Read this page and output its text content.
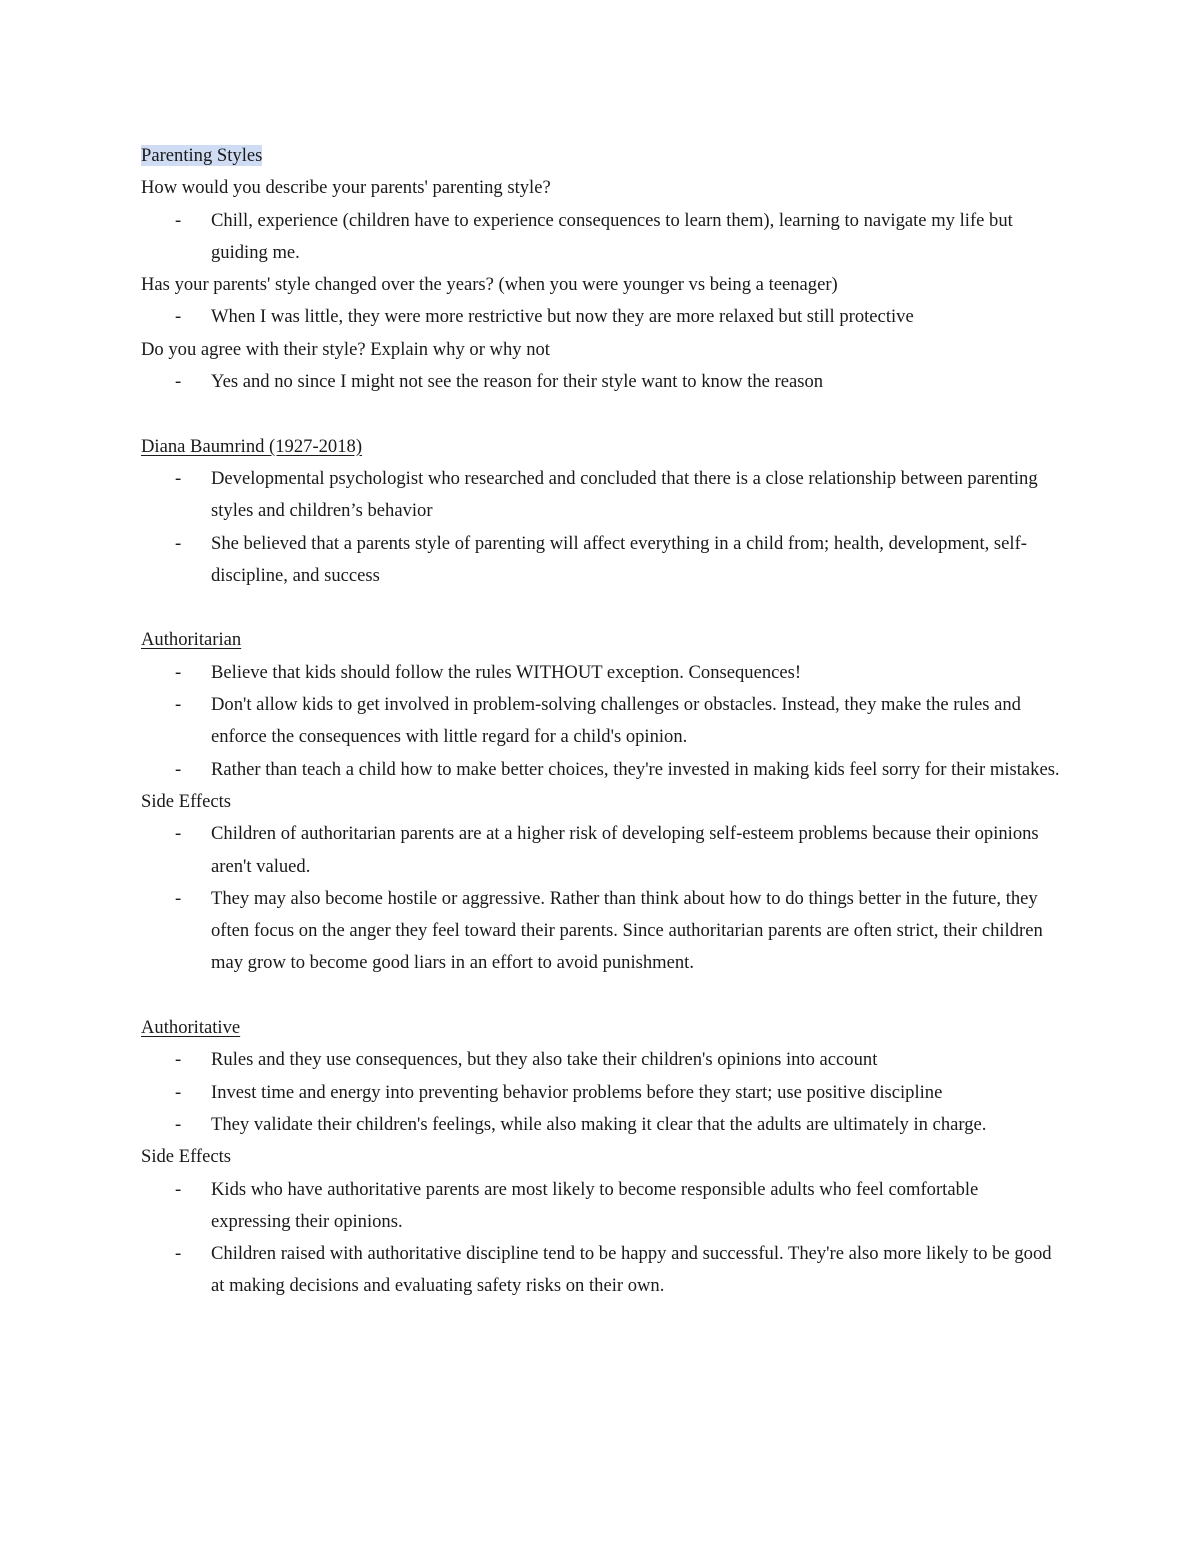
Parenting Styles

How would you describe your parents' parenting style?

- Chill, experience (children have to experience consequences to learn them), learning to navigate my life but guiding me.

Has your parents' style changed over the years? (when you were younger vs being a teenager)

- When I was little, they were more restrictive but now they are more relaxed but still protective

Do you agree with their style? Explain why or why not

- Yes and no since I might not see the reason for their style want to know the reason

Diana Baumrind (1927-2018)

- Developmental psychologist who researched and concluded that there is a close relationship between parenting styles and children’s behavior
- She believed that a parents style of parenting will affect everything in a child from; health, development, self-discipline, and success

Authoritarian

- Believe that kids should follow the rules WITHOUT exception. Consequences!
- Don't allow kids to get involved in problem-solving challenges or obstacles. Instead, they make the rules and enforce the consequences with little regard for a child's opinion.
- Rather than teach a child how to make better choices, they're invested in making kids feel sorry for their mistakes.

Side Effects

- Children of authoritarian parents are at a higher risk of developing self-esteem problems because their opinions aren't valued.
- They may also become hostile or aggressive. Rather than think about how to do things better in the future, they often focus on the anger they feel toward their parents. Since authoritarian parents are often strict, their children may grow to become good liars in an effort to avoid punishment.

Authoritative

- Rules and they use consequences, but they also take their children's opinions into account
- Invest time and energy into preventing behavior problems before they start; use positive discipline
- They validate their children's feelings, while also making it clear that the adults are ultimately in charge.

Side Effects

- Kids who have authoritative parents are most likely to become responsible adults who feel comfortable expressing their opinions.
- Children raised with authoritative discipline tend to be happy and successful. They're also more likely to be good at making decisions and evaluating safety risks on their own.
